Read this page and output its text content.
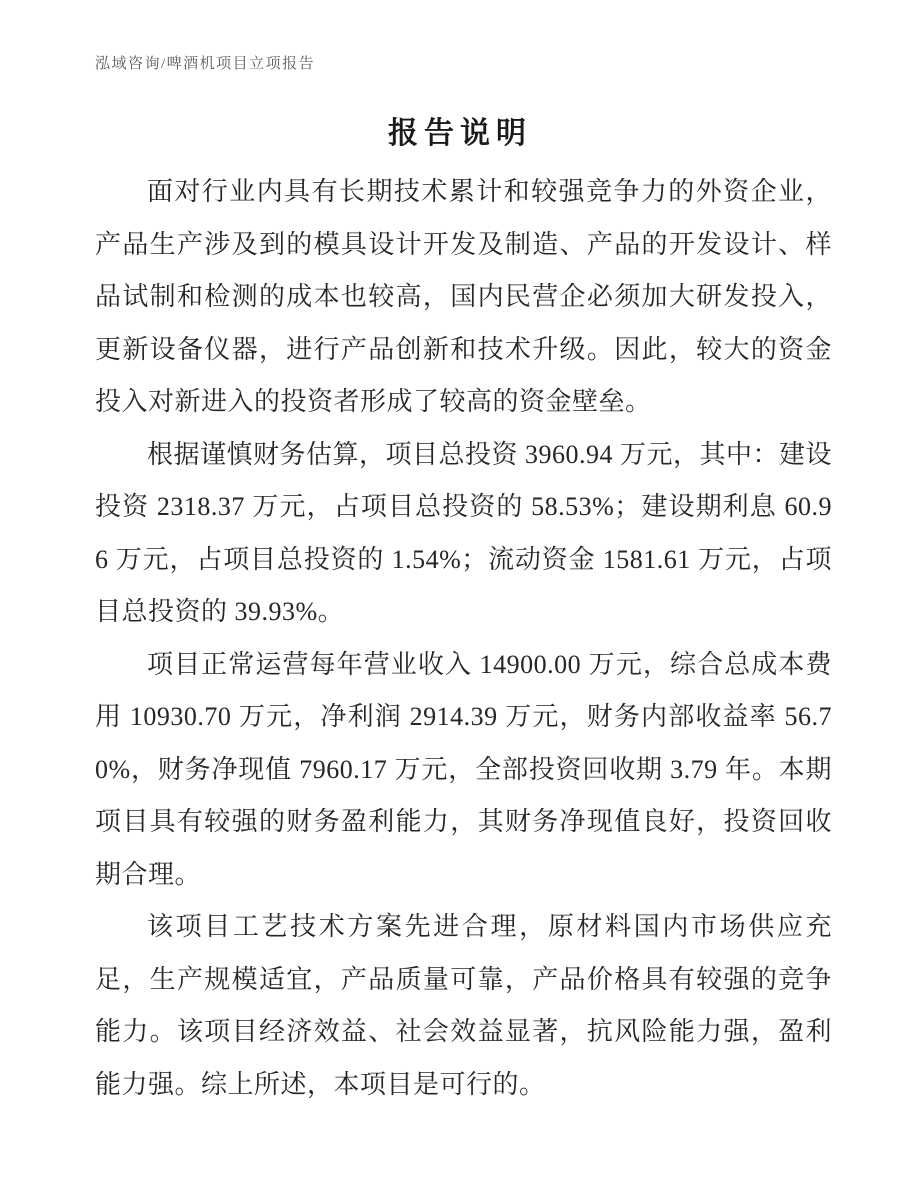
泓域咨询/啤酒机项目立项报告
报告说明

面对行业内具有长期技术累计和较强竞争力的外资企业，产品生产涉及到的模具设计开发及制造、产品的开发设计、样品试制和检测的成本也较高，国内民营企必须加大研发投入，更新设备仪器，进行产品创新和技术升级。因此，较大的资金投入对新进入的投资者形成了较高的资金壁垒。

根据谨慎财务估算，项目总投资 3960.94 万元，其中：建设投资 2318.37 万元，占项目总投资的 58.53%；建设期利息 60.96 万元，占项目总投资的 1.54%；流动资金 1581.61 万元，占项目总投资的 39.93%。

项目正常运营每年营业收入 14900.00 万元，综合总成本费用 10930.70 万元，净利润 2914.39 万元，财务内部收益率 56.70%，财务净现值 7960.17 万元，全部投资回收期 3.79 年。本期项目具有较强的财务盈利能力，其财务净现值良好，投资回收期合理。

该项目工艺技术方案先进合理，原材料国内市场供应充足，生产规模适宜，产品质量可靠，产品价格具有较强的竞争能力。该项目经济效益、社会效益显著，抗风险能力强，盈利能力强。综上所述，本项目是可行的。
